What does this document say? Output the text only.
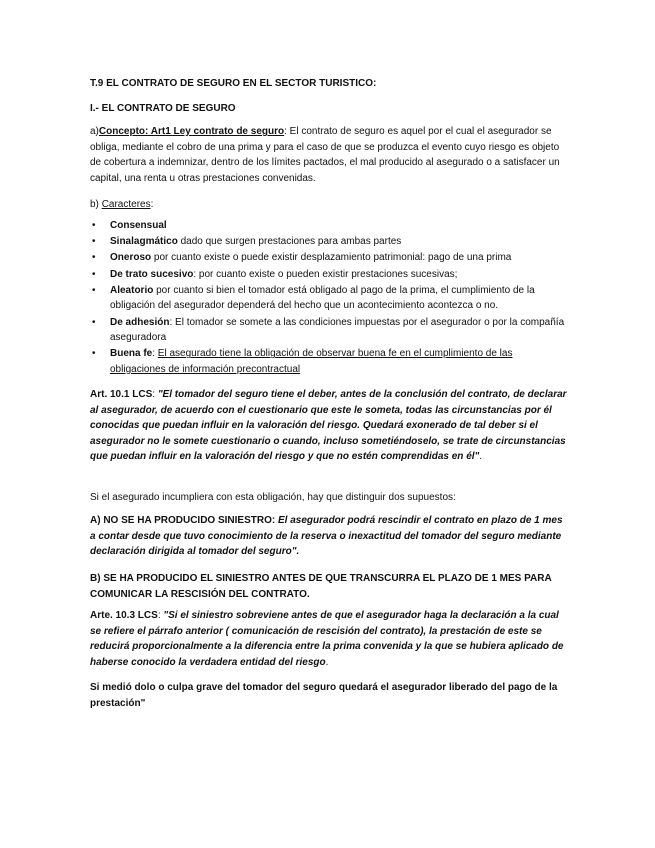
T.9 EL CONTRATO DE SEGURO EN EL SECTOR TURISTICO:
I.- EL CONTRATO DE SEGURO
a)Concepto: Art1 Ley contrato de seguro: El contrato de seguro es aquel por el cual el asegurador se obliga, mediante el cobro de una prima y para el caso de que se produzca el evento cuyo riesgo es objeto de cobertura a indemnizar, dentro de los límites pactados, el mal producido al asegurado o a satisfacer un capital, una renta u otras prestaciones convenidas.
b) Caracteres:
• Consensual
• Sinalagmático dado que surgen prestaciones para ambas partes
• Oneroso por cuanto existe o puede existir desplazamiento patrimonial: pago de una prima
• De trato sucesivo: por cuanto existe o pueden existir prestaciones sucesivas;
• Aleatorio por cuanto si bien el tomador está obligado al pago de la prima, el cumplimiento de la obligación del asegurador dependerá del hecho que un acontecimiento acontezca o no.
• De adhesión: El tomador se somete a las condiciones impuestas por el asegurador o por la compañía aseguradora
• Buena fe: El asegurado tiene la obligación de observar buena fe en el cumplimiento de las obligaciones de información precontractual
Art. 10.1 LCS: "El tomador del seguro tiene el deber, antes de la conclusión del contrato, de declarar al asegurador, de acuerdo con el cuestionario que este le someta, todas las circunstancias por él conocidas que puedan influir en la valoración del riesgo. Quedará exonerado de tal deber si el asegurador no le somete cuestionario o cuando, incluso sometiéndoselo, se trate de circunstancias que puedan influir en la valoración del riesgo y que no estén comprendidas en él".
Si el asegurado incumpliera con esta obligación, hay que distinguir dos supuestos:
A) NO SE HA PRODUCIDO SINIESTRO: El asegurador podrá rescindir el contrato en plazo de 1 mes a contar desde que tuvo conocimiento de la reserva o inexactitud del tomador del seguro mediante declaración dirigida al tomador del seguro".
B) SE HA PRODUCIDO EL SINIESTRO ANTES DE QUE TRANSCURRA EL PLAZO DE 1 MES PARA COMUNICAR LA RESCISIÓN DEL CONTRATO.
Arte. 10.3 LCS: "Si el siniestro sobreviene antes de que el asegurador haga la declaración a la cual se refiere el párrafo anterior ( comunicación de rescisión del contrato), la prestación de este se reducirá proporcionalmente a la diferencia entre la prima convenida y la que se hubiera aplicado de haberse conocido la verdadera entidad del riesgo.
Si medió dolo o culpa grave del tomador del seguro quedará el asegurador liberado del pago de la prestación"
